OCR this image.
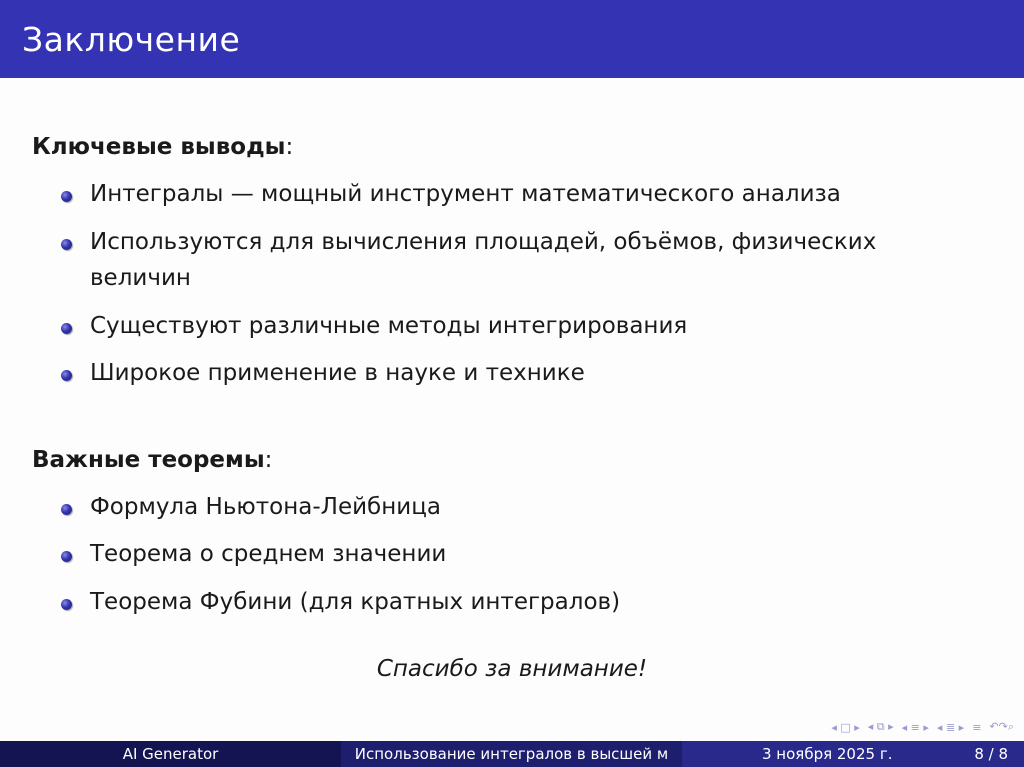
Заключение
Ключевые выводы:
Интегралы — мощный инструмент математического анализа
Используются для вычисления площадей, объёмов, физических величин
Существуют различные методы интегрирования
Широкое применение в науке и технике
Важные теоремы:
Формула Ньютона-Лейбница
Теорема о среднем значении
Теорема Фубини (для кратных интегралов)
Спасибо за внимание!
◂ □ ▸ ◂ ⧉ ▸ ◂ ≡ ▸ ◂ ≣ ▸ ≡ ↶↷⌕
AI Generator	Использование интегралов в высшей м	3 ноября 2025 г.	8 / 8
